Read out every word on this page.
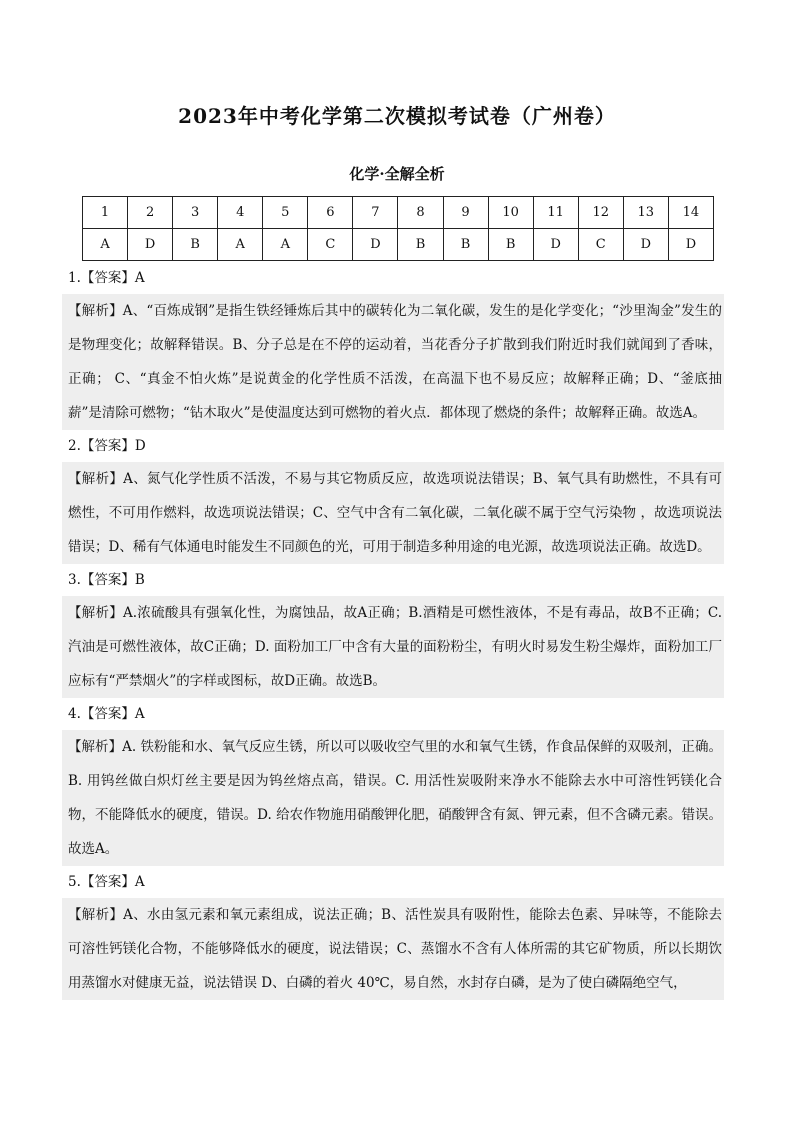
2023年中考化学第二次模拟考试卷（广州卷）
化学·全解全析
1	2	3	4	5	6	7	8	9	10	11	12	13	14
A	D	B	A	A	C	D	B	B	B	D	C	D	D
1.【答案】A
【解析】A、“百炼成钢”是指生铁经锤炼后其中的碳转化为二氧化碳，发生的是化学变化；“沙里淘金”发生的是物理变化；故解释错误。B、分子总是在不停的运动着，当花香分子扩散到我们附近时我们就闻到了香味，正确； C、“真金不怕火炼”是说黄金的化学性质不活泼，在高温下也不易反应；故解释正确；D、“釜底抽薪”是清除可燃物；“钻木取火”是使温度达到可燃物的着火点．都体现了燃烧的条件；故解释正确。故选A。
2.【答案】D
【解析】A、氮气化学性质不活泼，不易与其它物质反应，故选项说法错误；B、氧气具有助燃性，不具有可燃性，不可用作燃料，故选项说法错误；C、空气中含有二氧化碳，二氧化碳不属于空气污染物 ，故选项说法错误；D、稀有气体通电时能发生不同颜色的光，可用于制造多种用途的电光源，故选项说法正确。故选D。
3.【答案】B
【解析】A.浓硫酸具有强氧化性，为腐蚀品，故A正确；B.酒精是可燃性液体，不是有毒品，故B不正确；C. 汽油是可燃性液体，故C正确；D. 面粉加工厂中含有大量的面粉粉尘，有明火时易发生粉尘爆炸，面粉加工厂应标有“严禁烟火”的字样或图标，故D正确。故选B。
4.【答案】A
【解析】A. 铁粉能和水、氧气反应生锈，所以可以吸收空气里的水和氧气生锈，作食品保鲜的双吸剂，正确。B. 用钨丝做白炽灯丝主要是因为钨丝熔点高，错误。C. 用活性炭吸附来净水不能除去水中可溶性钙镁化合物，不能降低水的硬度，错误。D. 给农作物施用硝酸钾化肥，硝酸钾含有氮、钾元素，但不含磷元素。错误。故选A。
5.【答案】A
【解析】A、水由氢元素和氧元素组成，说法正确；B、活性炭具有吸附性，能除去色素、异味等，不能除去可溶性钙镁化合物，不能够降低水的硬度，说法错误；C、蒸馏水不含有人体所需的其它矿物质，所以长期饮用蒸馏水对健康无益，说法错误 D、白磷的着火 40℃，易自然，水封存白磷，是为了使白磷隔绝空气，
